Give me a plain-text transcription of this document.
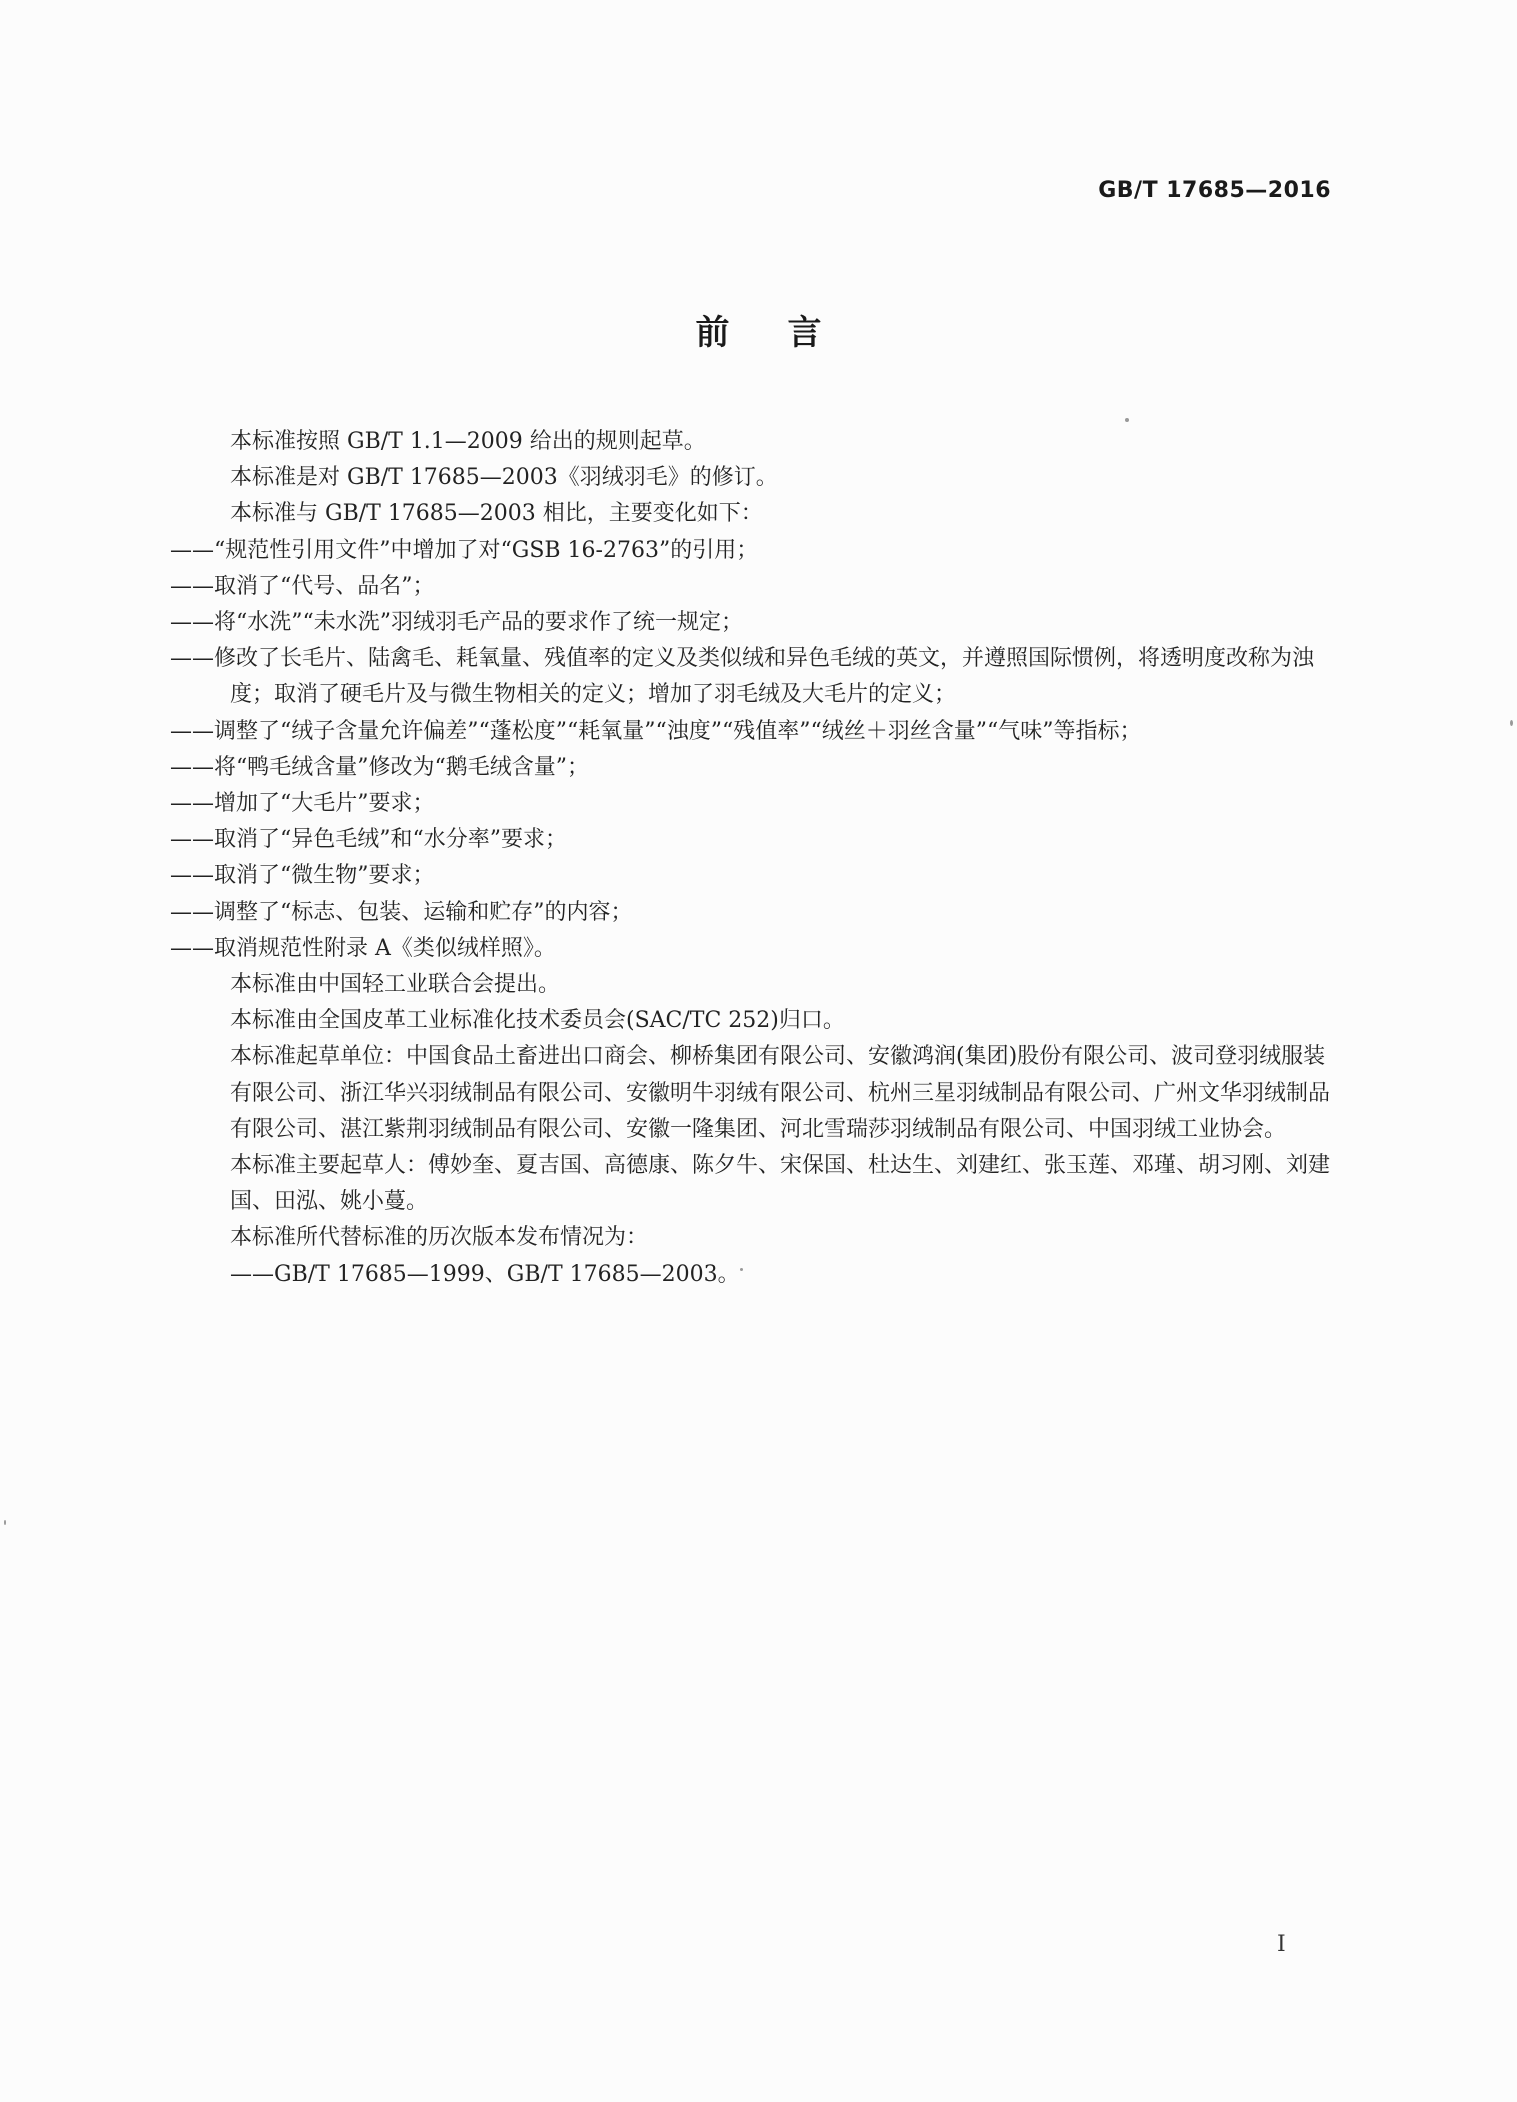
GB/T 17685—2016
前言

本标准按照 GB/T 1.1—2009 给出的规则起草。

本标准是对 GB/T 17685—2003《羽绒羽毛》的修订。

本标准与 GB/T 17685—2003 相比，主要变化如下：

——“规范性引用文件”中增加了对“GSB 16-2763”的引用；

——取消了“代号、品名”；

——将“水洗”“未水洗”羽绒羽毛产品的要求作了统一规定；

——修改了长毛片、陆禽毛、耗氧量、残值率的定义及类似绒和异色毛绒的英文，并遵照国际惯例，将透明度改称为浊度；取消了硬毛片及与微生物相关的定义；增加了羽毛绒及大毛片的定义；

——调整了“绒子含量允许偏差”“蓬松度”“耗氧量”“浊度”“残值率”“绒丝＋羽丝含量”“气味”等指标；

——将“鸭毛绒含量”修改为“鹅毛绒含量”；

——增加了“大毛片”要求；

——取消了“异色毛绒”和“水分率”要求；

——取消了“微生物”要求；

——调整了“标志、包装、运输和贮存”的内容；

——取消规范性附录 A《类似绒样照》。

本标准由中国轻工业联合会提出。

本标准由全国皮革工业标准化技术委员会(SAC/TC 252)归口。

本标准起草单位：中国食品土畜进出口商会、柳桥集团有限公司、安徽鸿润(集团)股份有限公司、波司登羽绒服装有限公司、浙江华兴羽绒制品有限公司、安徽明牛羽绒有限公司、杭州三星羽绒制品有限公司、广州文华羽绒制品有限公司、湛江紫荆羽绒制品有限公司、安徽一隆集团、河北雪瑞莎羽绒制品有限公司、中国羽绒工业协会。

本标准主要起草人：傅妙奎、夏吉国、高德康、陈夕牛、宋保国、杜达生、刘建红、张玉莲、邓瑾、胡习刚、刘建国、田泓、姚小蔓。

本标准所代替标准的历次版本发布情况为：

——GB/T 17685—1999、GB/T 17685—2003。

I
